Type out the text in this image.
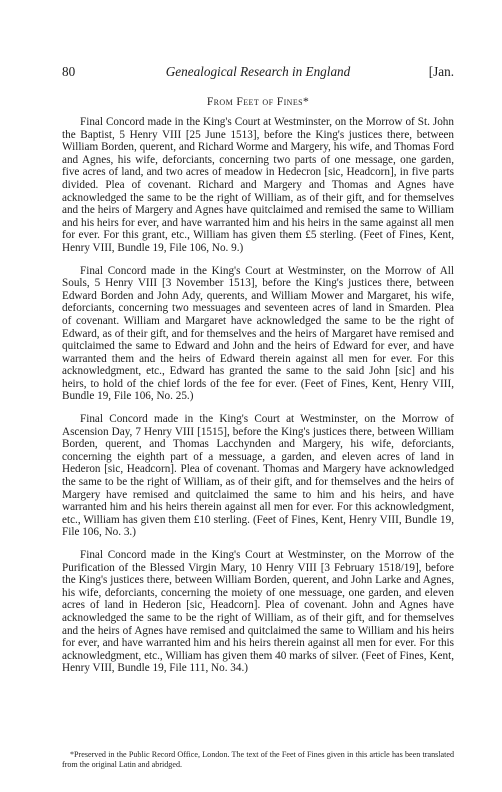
80	Genealogical Research in England	[Jan.
From Feet of Fines*

Final Concord made in the King's Court at Westminster, on the Morrow of St. John the Baptist, 5 Henry VIII [25 June 1513], before the King's justices there, between William Borden, querent, and Richard Worme and Margery, his wife, and Thomas Ford and Agnes, his wife, deforciants, concerning two parts of one message, one garden, five acres of land, and two acres of meadow in Hedecron [sic, Headcorn], in five parts divided. Plea of covenant. Richard and Margery and Thomas and Agnes have acknowledged the same to be the right of William, as of their gift, and for themselves and the heirs of Margery and Agnes have quitclaimed and remised the same to William and his heirs for ever, and have warranted him and his heirs in the same against all men for ever. For this grant, etc., William has given them £5 sterling. (Feet of Fines, Kent, Henry VIII, Bundle 19, File 106, No. 9.)

Final Concord made in the King's Court at Westminster, on the Morrow of All Souls, 5 Henry VIII [3 November 1513], before the King's justices there, between Edward Borden and John Ady, querents, and William Mower and Margaret, his wife, deforciants, concerning two messuages and seventeen acres of land in Smarden. Plea of covenant. William and Margaret have acknowledged the same to be the right of Edward, as of their gift, and for themselves and the heirs of Margaret have remised and quitclaimed the same to Edward and John and the heirs of Edward for ever, and have warranted them and the heirs of Edward therein against all men for ever. For this acknowledgment, etc., Edward has granted the same to the said John [sic] and his heirs, to hold of the chief lords of the fee for ever. (Feet of Fines, Kent, Henry VIII, Bundle 19, File 106, No. 25.)

Final Concord made in the King's Court at Westminster, on the Morrow of Ascension Day, 7 Henry VIII [1515], before the King's justices there, between William Borden, querent, and Thomas Lacchynden and Margery, his wife, deforciants, concerning the eighth part of a messuage, a garden, and eleven acres of land in Hederon [sic, Headcorn]. Plea of covenant. Thomas and Margery have acknowledged the same to be the right of William, as of their gift, and for themselves and the heirs of Margery have remised and quitclaimed the same to him and his heirs, and have warranted him and his heirs therein against all men for ever. For this acknowledgment, etc., William has given them £10 sterling. (Feet of Fines, Kent, Henry VIII, Bundle 19, File 106, No. 3.)

Final Concord made in the King's Court at Westminster, on the Morrow of the Purification of the Blessed Virgin Mary, 10 Henry VIII [3 February 1518/19], before the King's justices there, between William Borden, querent, and John Larke and Agnes, his wife, deforciants, concerning the moiety of one messuage, one garden, and eleven acres of land in Hederon [sic, Headcorn]. Plea of covenant. John and Agnes have acknowledged the same to be the right of William, as of their gift, and for themselves and the heirs of Agnes have remised and quitclaimed the same to William and his heirs for ever, and have warranted him and his heirs therein against all men for ever. For this acknowledgment, etc., William has given them 40 marks of silver. (Feet of Fines, Kent, Henry VIII, Bundle 19, File 111, No. 34.)

*Preserved in the Public Record Office, London. The text of the Feet of Fines given in this article has been translated from the original Latin and abridged.
